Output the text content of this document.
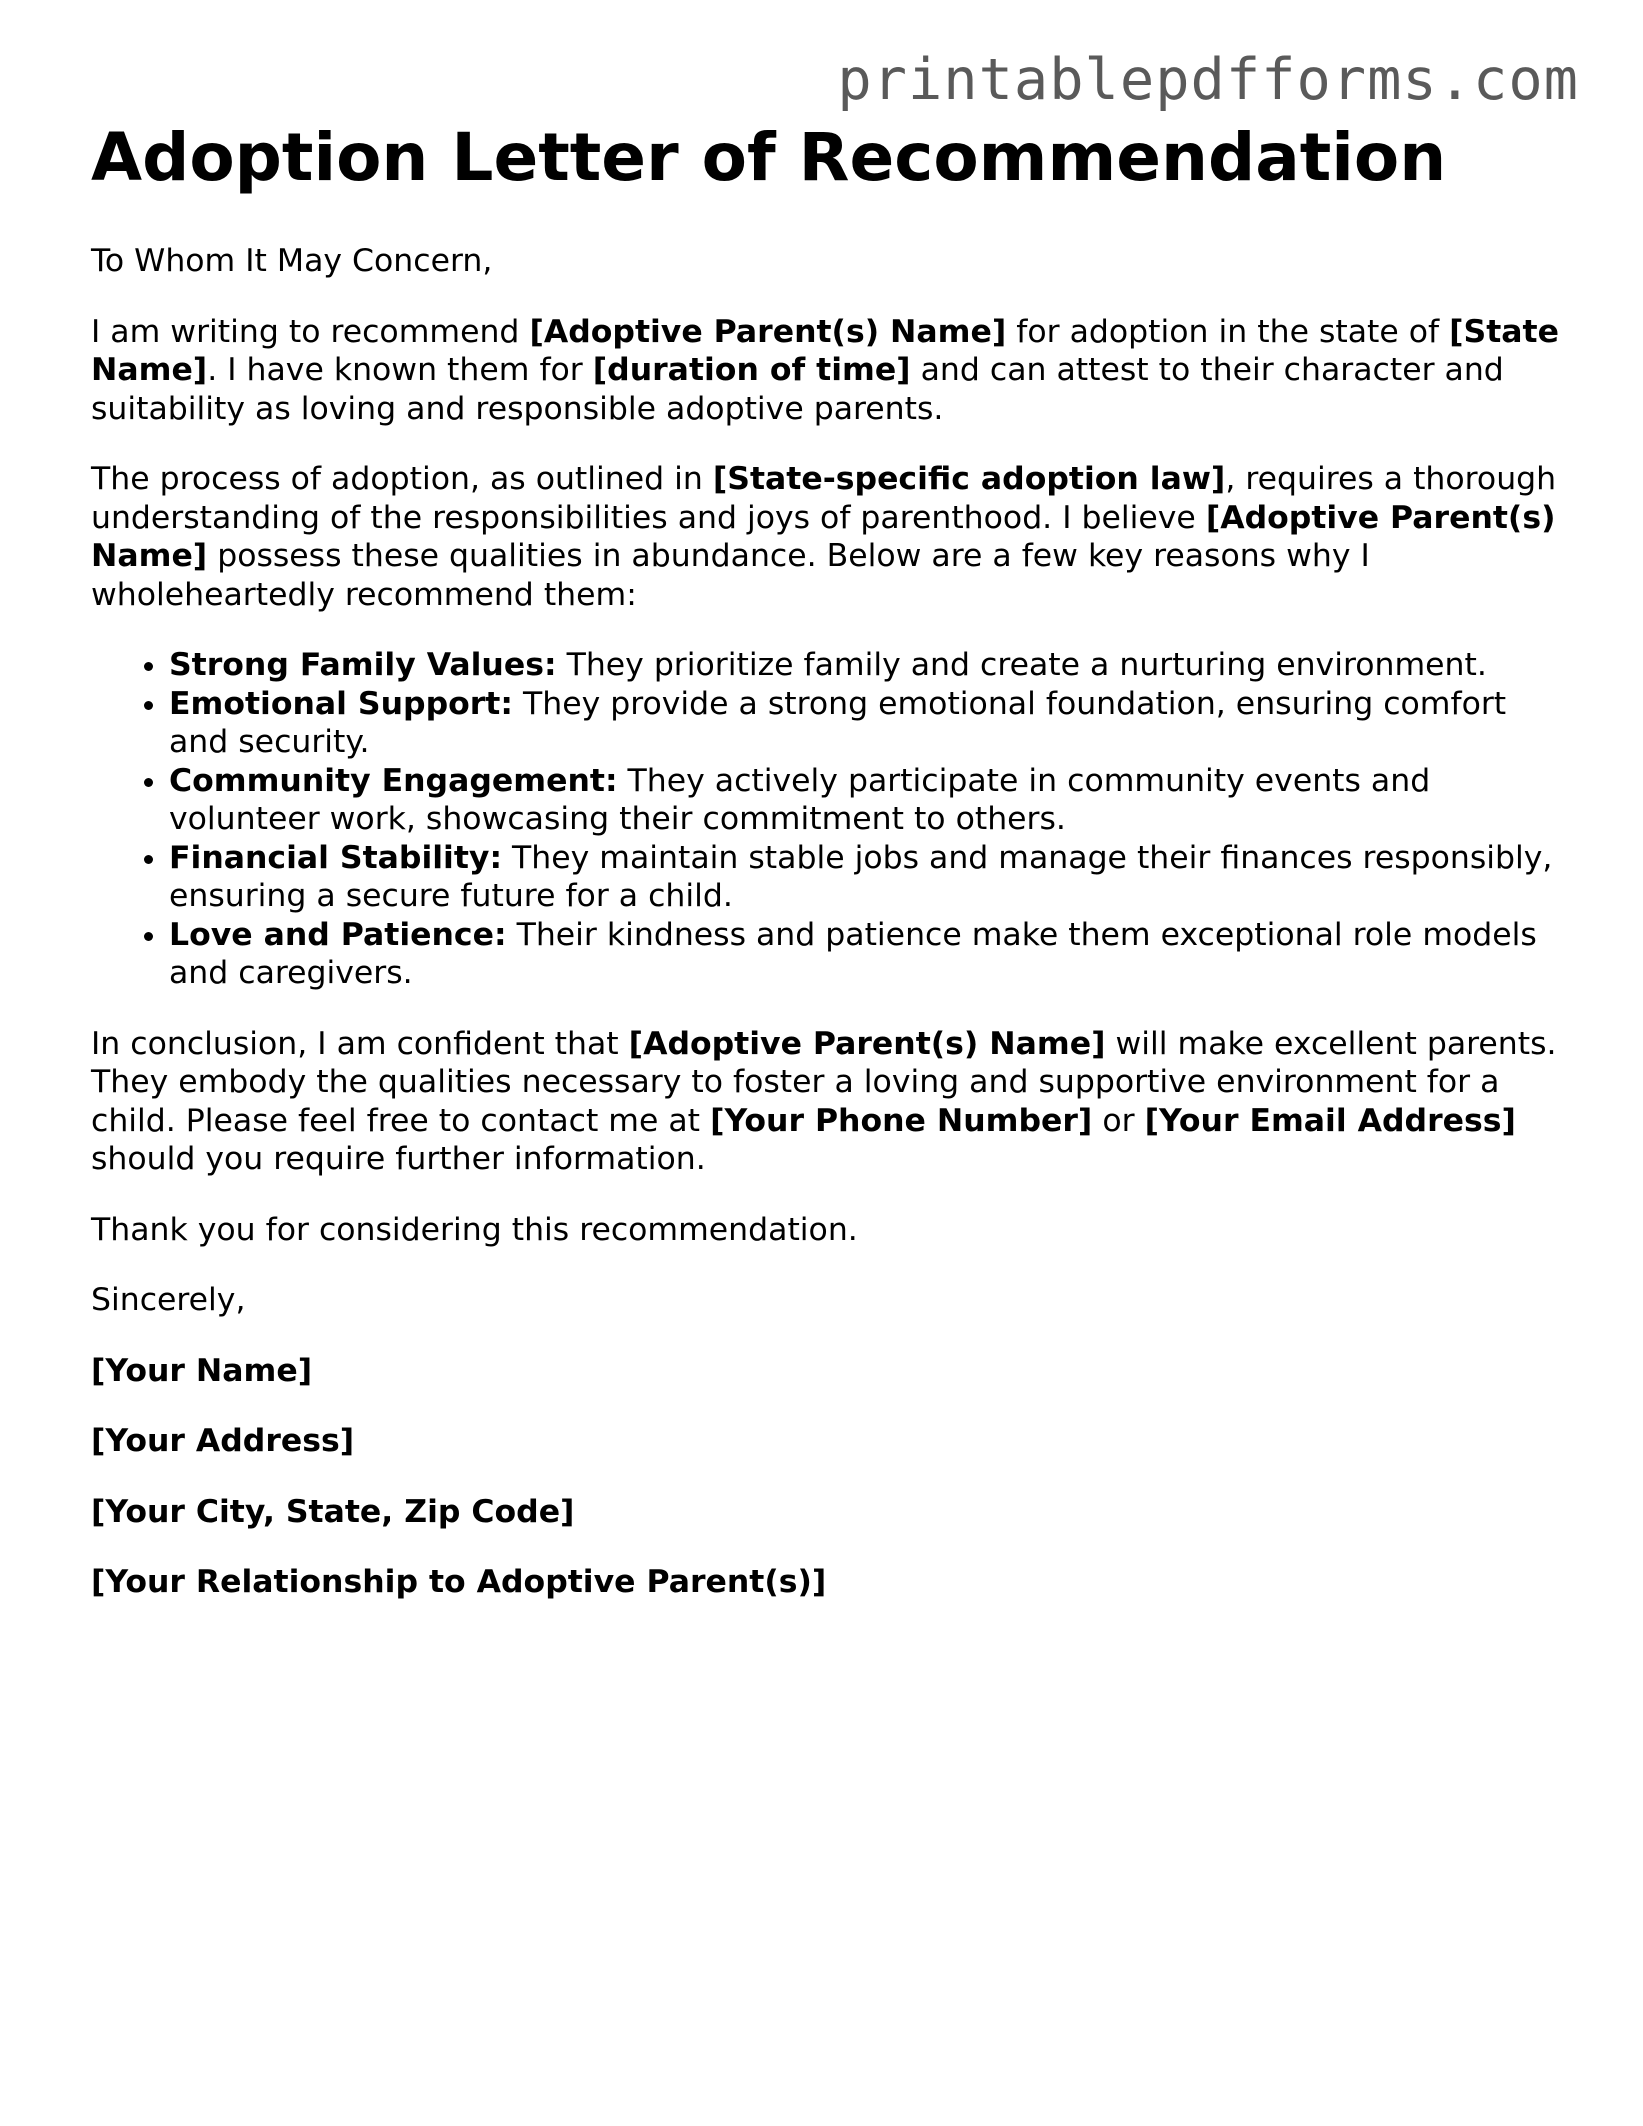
printablepdfforms.com
Adoption Letter of Recommendation

To Whom It May Concern,

I am writing to recommend [Adoptive Parent(s) Name] for adoption in the state of [State Name]. I have known them for [duration of time] and can attest to their character and suitability as loving and responsible adoptive parents.

The process of adoption, as outlined in [State-specific adoption law], requires a thorough understanding of the responsibilities and joys of parenthood. I believe [Adoptive Parent(s) Name] possess these qualities in abundance. Below are a few key reasons why I wholeheartedly recommend them:

• Strong Family Values: They prioritize family and create a nurturing environment.
• Emotional Support: They provide a strong emotional foundation, ensuring comfort and security.
• Community Engagement: They actively participate in community events and volunteer work, showcasing their commitment to others.
• Financial Stability: They maintain stable jobs and manage their finances responsibly, ensuring a secure future for a child.
• Love and Patience: Their kindness and patience make them exceptional role models and caregivers.

In conclusion, I am confident that [Adoptive Parent(s) Name] will make excellent parents. They embody the qualities necessary to foster a loving and supportive environment for a child. Please feel free to contact me at [Your Phone Number] or [Your Email Address] should you require further information.

Thank you for considering this recommendation.

Sincerely,

[Your Name]

[Your Address]

[Your City, State, Zip Code]

[Your Relationship to Adoptive Parent(s)]
